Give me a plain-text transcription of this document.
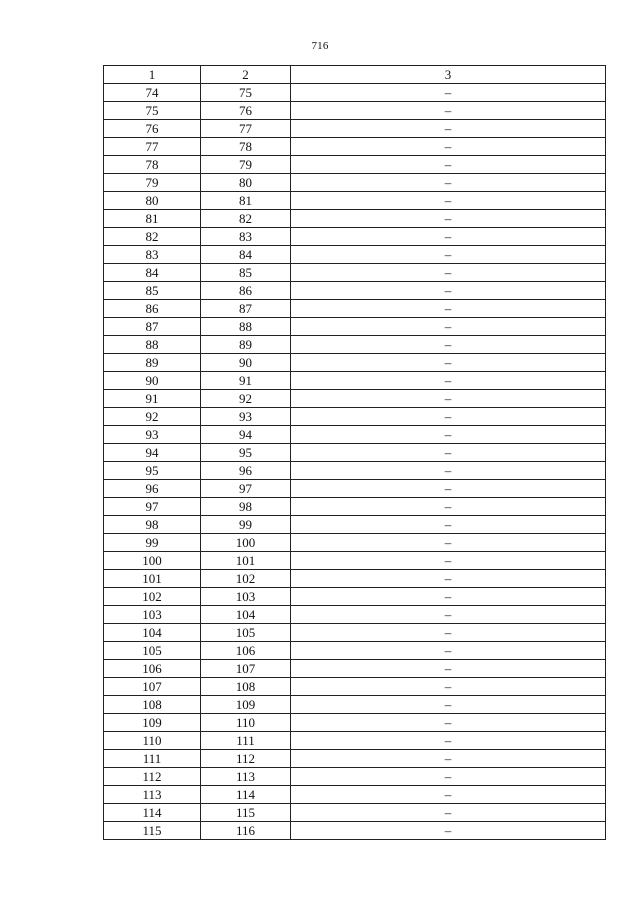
716
1	2	3
74	75	–
75	76	–
76	77	–
77	78	–
78	79	–
79	80	–
80	81	–
81	82	–
82	83	–
83	84	–
84	85	–
85	86	–
86	87	–
87	88	–
88	89	–
89	90	–
90	91	–
91	92	–
92	93	–
93	94	–
94	95	–
95	96	–
96	97	–
97	98	–
98	99	–
99	100	–
100	101	–
101	102	–
102	103	–
103	104	–
104	105	–
105	106	–
106	107	–
107	108	–
108	109	–
109	110	–
110	111	–
111	112	–
112	113	–
113	114	–
114	115	–
115	116	–
